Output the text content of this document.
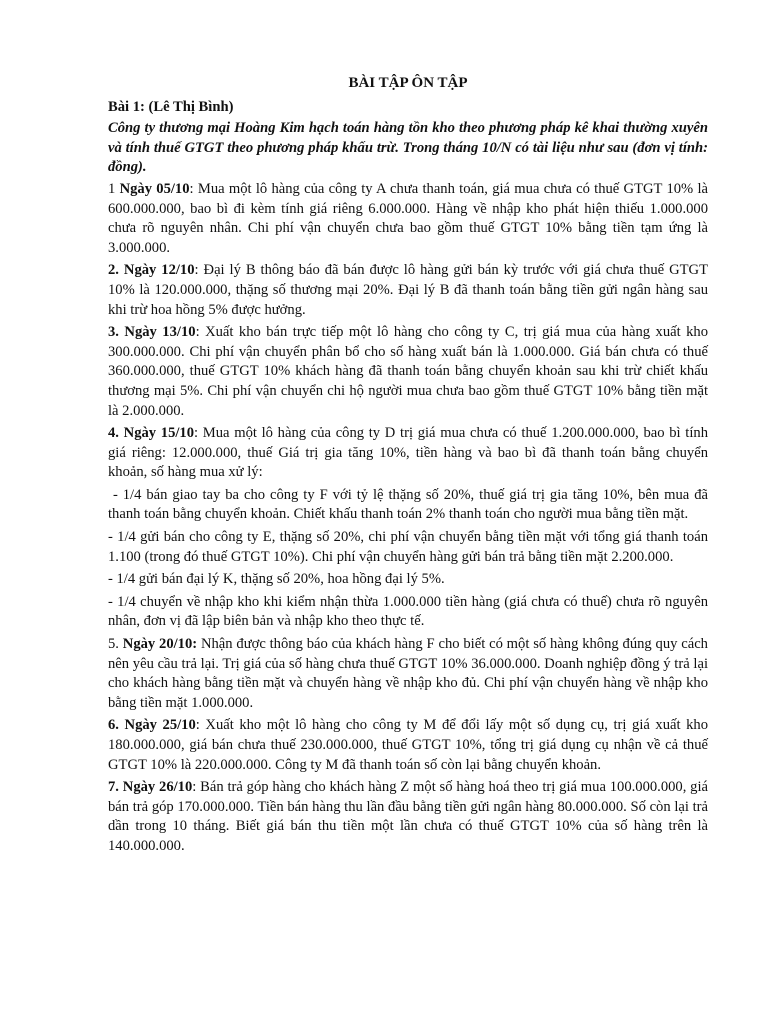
BÀI TẬP ÔN TẬP
Bài 1: (Lê Thị Bình)
Công ty thương mại Hoàng Kim hạch toán hàng tồn kho theo phương pháp kê khai thường xuyên và tính thuế GTGT theo phương pháp khấu trừ. Trong tháng 10/N có tài liệu như sau (đơn vị tính: đồng).
1 Ngày 05/10: Mua một lô hàng của công ty A chưa thanh toán, giá mua chưa có thuế GTGT 10% là 600.000.000, bao bì đi kèm tính giá riêng 6.000.000. Hàng về nhập kho phát hiện thiếu 1.000.000 chưa rõ nguyên nhân. Chi phí vận chuyển chưa bao gồm thuế GTGT 10% bằng tiền tạm ứng là 3.000.000.
2. Ngày 12/10: Đại lý B thông báo đã bán được lô hàng gửi bán kỳ trước với giá chưa thuế GTGT 10% là 120.000.000, thặng số thương mại 20%. Đại lý B đã thanh toán bằng tiền gửi ngân hàng sau khi trừ hoa hồng 5% được hưởng.
3. Ngày 13/10: Xuất kho bán trực tiếp một lô hàng cho công ty C, trị giá mua của hàng xuất kho 300.000.000. Chi phí vận chuyển phân bổ cho số hàng xuất bán là 1.000.000. Giá bán chưa có thuế 360.000.000, thuế GTGT 10% khách hàng đã thanh toán bằng chuyển khoản sau khi trừ chiết khấu thương mại 5%. Chi phí vận chuyển chi hộ người mua chưa bao gồm thuế GTGT 10% bằng tiền mặt là 2.000.000.
4. Ngày 15/10: Mua một lô hàng của công ty D trị giá mua chưa có thuế 1.200.000.000, bao bì tính giá riêng: 12.000.000, thuế Giá trị gia tăng 10%, tiền hàng và bao bì đã thanh toán bằng chuyển khoản, số hàng mua xử lý:
- 1/4 bán giao tay ba cho công ty F với tỷ lệ thặng số 20%, thuế giá trị gia tăng 10%, bên mua đã thanh toán bằng chuyển khoản. Chiết khấu thanh toán 2% thanh toán cho người mua bằng tiền mặt.
- 1/4 gửi bán cho công ty E, thặng số 20%, chi phí vận chuyển bằng tiền mặt với tổng giá thanh toán 1.100 (trong đó thuế GTGT 10%). Chi phí vận chuyển hàng gửi bán trả bằng tiền mặt 2.200.000.
- 1/4 gửi bán đại lý K, thặng số 20%, hoa hồng đại lý 5%.
- 1/4 chuyển về nhập kho khi kiểm nhận thừa 1.000.000 tiền hàng (giá chưa có thuế) chưa rõ nguyên nhân, đơn vị đã lập biên bản và nhập kho theo thực tế.
5. Ngày 20/10: Nhận được thông báo của khách hàng F cho biết có một số hàng không đúng quy cách nên yêu cầu trả lại. Trị giá của số hàng chưa thuế GTGT 10% 36.000.000. Doanh nghiệp đồng ý trả lại cho khách hàng bằng tiền mặt và chuyển hàng về nhập kho đủ. Chi phí vận chuyển hàng về nhập kho bằng tiền mặt 1.000.000.
6. Ngày 25/10: Xuất kho một lô hàng cho công ty M để đổi lấy một số dụng cụ, trị giá xuất kho 180.000.000, giá bán chưa thuế 230.000.000, thuế GTGT 10%, tổng trị giá dụng cụ nhận về cả thuế GTGT 10% là 220.000.000. Công ty M đã thanh toán số còn lại bằng chuyển khoản.
7. Ngày 26/10: Bán trả góp hàng cho khách hàng Z một số hàng hoá theo trị giá mua 100.000.000, giá bán trả góp 170.000.000. Tiền bán hàng thu lần đầu bằng tiền gửi ngân hàng 80.000.000. Số còn lại trả dần trong 10 tháng. Biết giá bán thu tiền một lần chưa có thuế GTGT 10% của số hàng trên là 140.000.000.
